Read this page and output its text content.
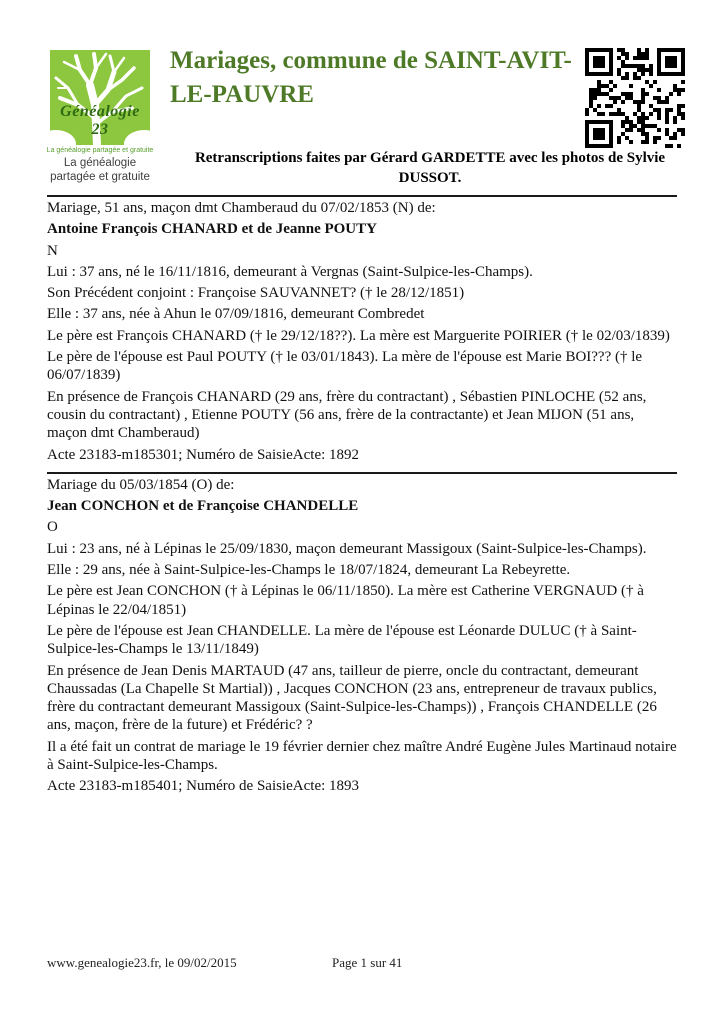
Généalogie 23
La généalogie partagée et gratuite
La généalogie
partagée et gratuite
Mariages, commune de SAINT-AVIT-
LE-PAUVRE
Retranscriptions faites par Gérard GARDETTE avec les photos de Sylvie
DUSSOT.

Mariage, 51 ans, maçon dmt Chamberaud du 07/02/1853 (N) de:

Antoine François CHANARD et de Jeanne POUTY

N

Lui : 37 ans, né le 16/11/1816, demeurant à Vergnas (Saint-Sulpice-les-Champs).

Son Précédent conjoint : Françoise SAUVANNET? († le 28/12/1851)

Elle : 37 ans, née à Ahun le 07/09/1816, demeurant Combredet

Le père est François CHANARD († le 29/12/18??). La mère est Marguerite POIRIER († le 02/03/1839)

Le père de l'épouse est Paul POUTY († le 03/01/1843). La mère de l'épouse est Marie BOI??? († le 06/07/1839)

En présence de François CHANARD (29 ans, frère du contractant) , Sébastien PINLOCHE (52 ans, cousin du contractant) , Etienne POUTY (56 ans, frère de la contractante) et Jean MIJON (51 ans, maçon dmt Chamberaud)

Acte 23183-m185301; Numéro de SaisieActe: 1892

Mariage du 05/03/1854 (O) de:

Jean CONCHON et de Françoise CHANDELLE

O

Lui : 23 ans, né à Lépinas le 25/09/1830, maçon demeurant Massigoux (Saint-Sulpice-les-Champs).

Elle : 29 ans, née à Saint-Sulpice-les-Champs le 18/07/1824, demeurant La Rebeyrette.

Le père est Jean CONCHON († à Lépinas le 06/11/1850). La mère est Catherine VERGNAUD († à Lépinas le 22/04/1851)

Le père de l'épouse est Jean CHANDELLE. La mère de l'épouse est Léonarde DULUC († à Saint-Sulpice-les-Champs le 13/11/1849)

En présence de Jean Denis MARTAUD (47 ans, tailleur de pierre, oncle du contractant, demeurant Chaussadas (La Chapelle St Martial)) , Jacques CONCHON (23 ans, entrepreneur de travaux publics, frère du contractant demeurant Massigoux (Saint-Sulpice-les-Champs)) , François CHANDELLE (26 ans, maçon, frère de la future) et Frédéric? ?

Il a été fait un contrat de mariage le 19 février dernier chez maître André Eugène Jules Martinaud notaire à Saint-Sulpice-les-Champs.

Acte 23183-m185401; Numéro de SaisieActe: 1893

www.genealogie23.fr, le 09/02/2015	Page 1 sur 41
